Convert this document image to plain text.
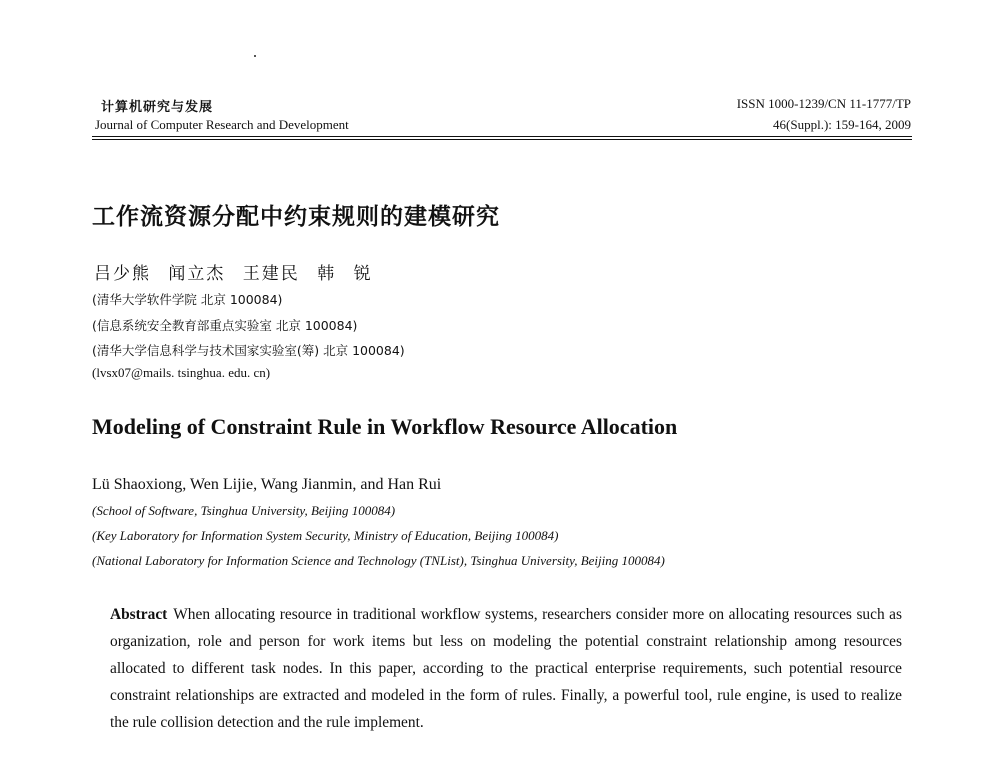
计算机研究与发展
Journal of Computer Research and Development
ISSN 1000-1239/CN 11-1777/TP
46(Suppl.): 159-164, 2009
工作流资源分配中约束规则的建模研究
吕少熊 闻立杰 王建民 韩 锐
(清华大学软件学院 北京 100084)
(信息系统安全教育部重点实验室 北京 100084)
(清华大学信息科学与技术国家实验室(筹) 北京 100084)
(lvsx07@mails. tsinghua. edu. cn)
Modeling of Constraint Rule in Workflow Resource Allocation
Lü Shaoxiong, Wen Lijie, Wang Jianmin, and Han Rui
(School of Software, Tsinghua University, Beijing 100084)
(Key Laboratory for Information System Security, Ministry of Education, Beijing 100084)
(National Laboratory for Information Science and Technology (TNList), Tsinghua University, Beijing 100084)
Abstract When allocating resource in traditional workflow systems, researchers consider more on allocating resources such as organization, role and person for work items but less on modeling the potential constraint relationship among resources allocated to different task nodes. In this paper, according to the practical enterprise requirements, such potential resource constraint relationships are extracted and modeled in the form of rules. Finally, a powerful tool, rule engine, is used to realize the rule collision detection and the rule implement.
